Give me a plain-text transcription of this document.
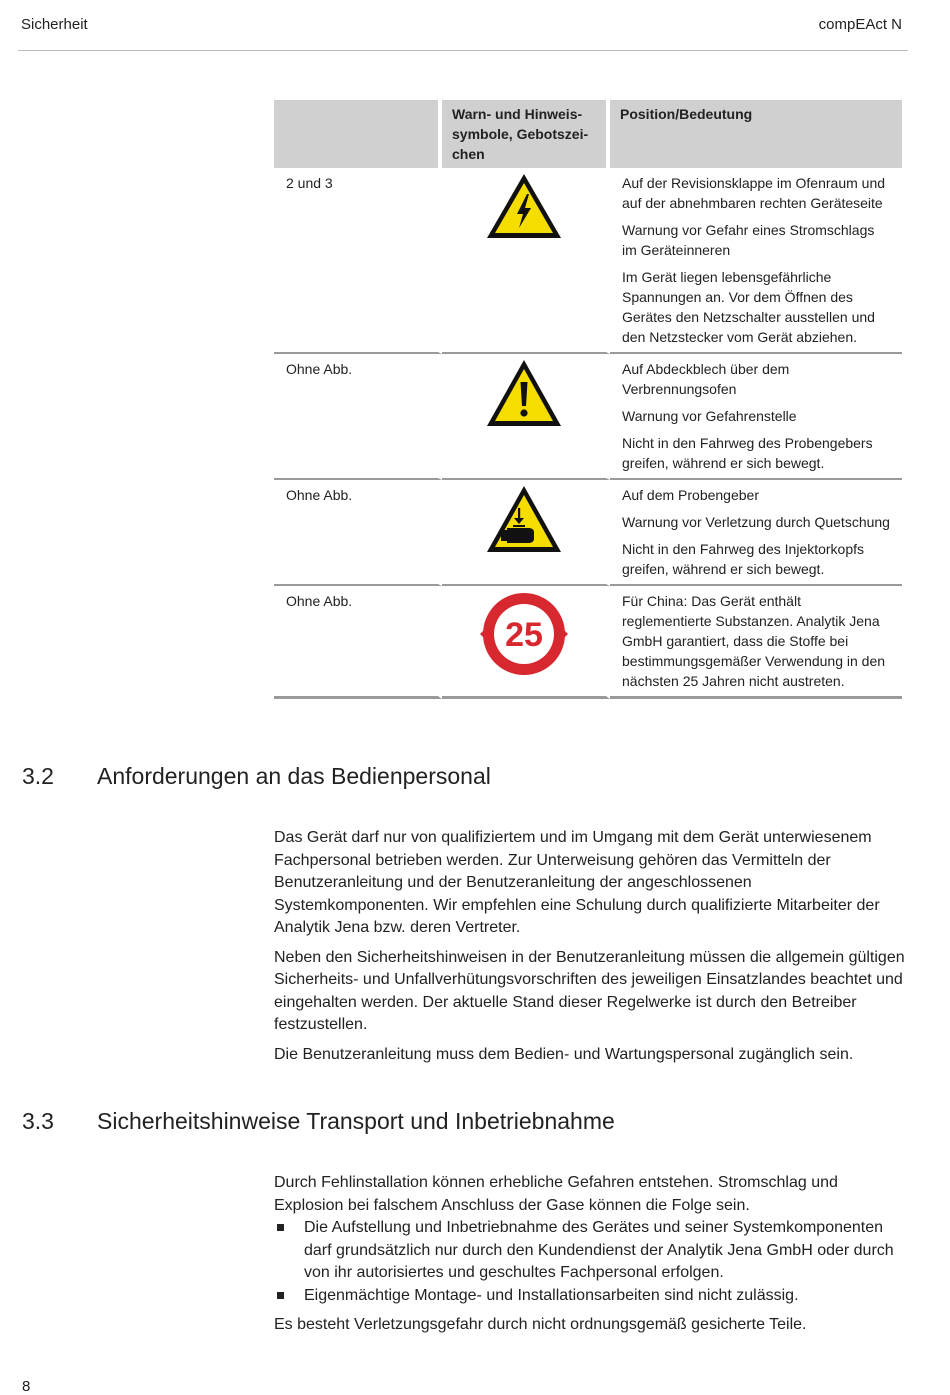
Sicherheit	compEAct N
	Warn- und Hinweis-symbole, Gebotszei-chen	Position/Bedeutung
2 und 3		Auf der Revisionsklappe im Ofenraum und auf der abnehmbaren rechten Geräteseite

Warnung vor Gefahr eines Stromschlags im Geräteinneren

Im Gerät liegen lebensgefährliche Spannungen an. Vor dem Öffnen des Gerätes den Netzschalter ausstellen und den Netzstecker vom Gerät abziehen.

Ohne Abb.		Auf Abdeckblech über dem Verbrennungsofen

Warnung vor Gefahrenstelle

Nicht in den Fahrweg des Probengebers greifen, während er sich bewegt.

Ohne Abb.		Auf dem Probengeber

Warnung vor Verletzung durch Quetschung

Nicht in den Fahrweg des Injektorkopfs greifen, während er sich bewegt.

Ohne Abb.	25	Für China: Das Gerät enthält reglementierte Substanzen. Analytik Jena GmbH garantiert, dass die Stoffe bei bestimmungsgemäßer Verwendung in den nächsten 25 Jahren nicht austreten.

3.2 Anforderungen an das Bedienpersonal

Das Gerät darf nur von qualifiziertem und im Umgang mit dem Gerät unterwiesenem Fachpersonal betrieben werden. Zur Unterweisung gehören das Vermitteln der Benutzeranleitung und der Benutzeranleitung der angeschlossenen Systemkomponenten. Wir empfehlen eine Schulung durch qualifizierte Mitarbeiter der Analytik Jena bzw. deren Vertreter.

Neben den Sicherheitshinweisen in der Benutzeranleitung müssen die allgemein gültigen Sicherheits- und Unfallverhütungsvorschriften des jeweiligen Einsatzlandes beachtet und eingehalten werden. Der aktuelle Stand dieser Regelwerke ist durch den Betreiber festzustellen.

Die Benutzeranleitung muss dem Bedien- und Wartungspersonal zugänglich sein.

3.3 Sicherheitshinweise Transport und Inbetriebnahme

Durch Fehlinstallation können erhebliche Gefahren entstehen. Stromschlag und Explosion bei falschem Anschluss der Gase können die Folge sein.

Die Aufstellung und Inbetriebnahme des Gerätes und seiner Systemkomponenten darf grundsätzlich nur durch den Kundendienst der Analytik Jena GmbH oder durch von ihr autorisiertes und geschultes Fachpersonal erfolgen.
Eigenmächtige Montage- und Installationsarbeiten sind nicht zulässig.

Es besteht Verletzungsgefahr durch nicht ordnungsgemäß gesicherte Teile.

8
